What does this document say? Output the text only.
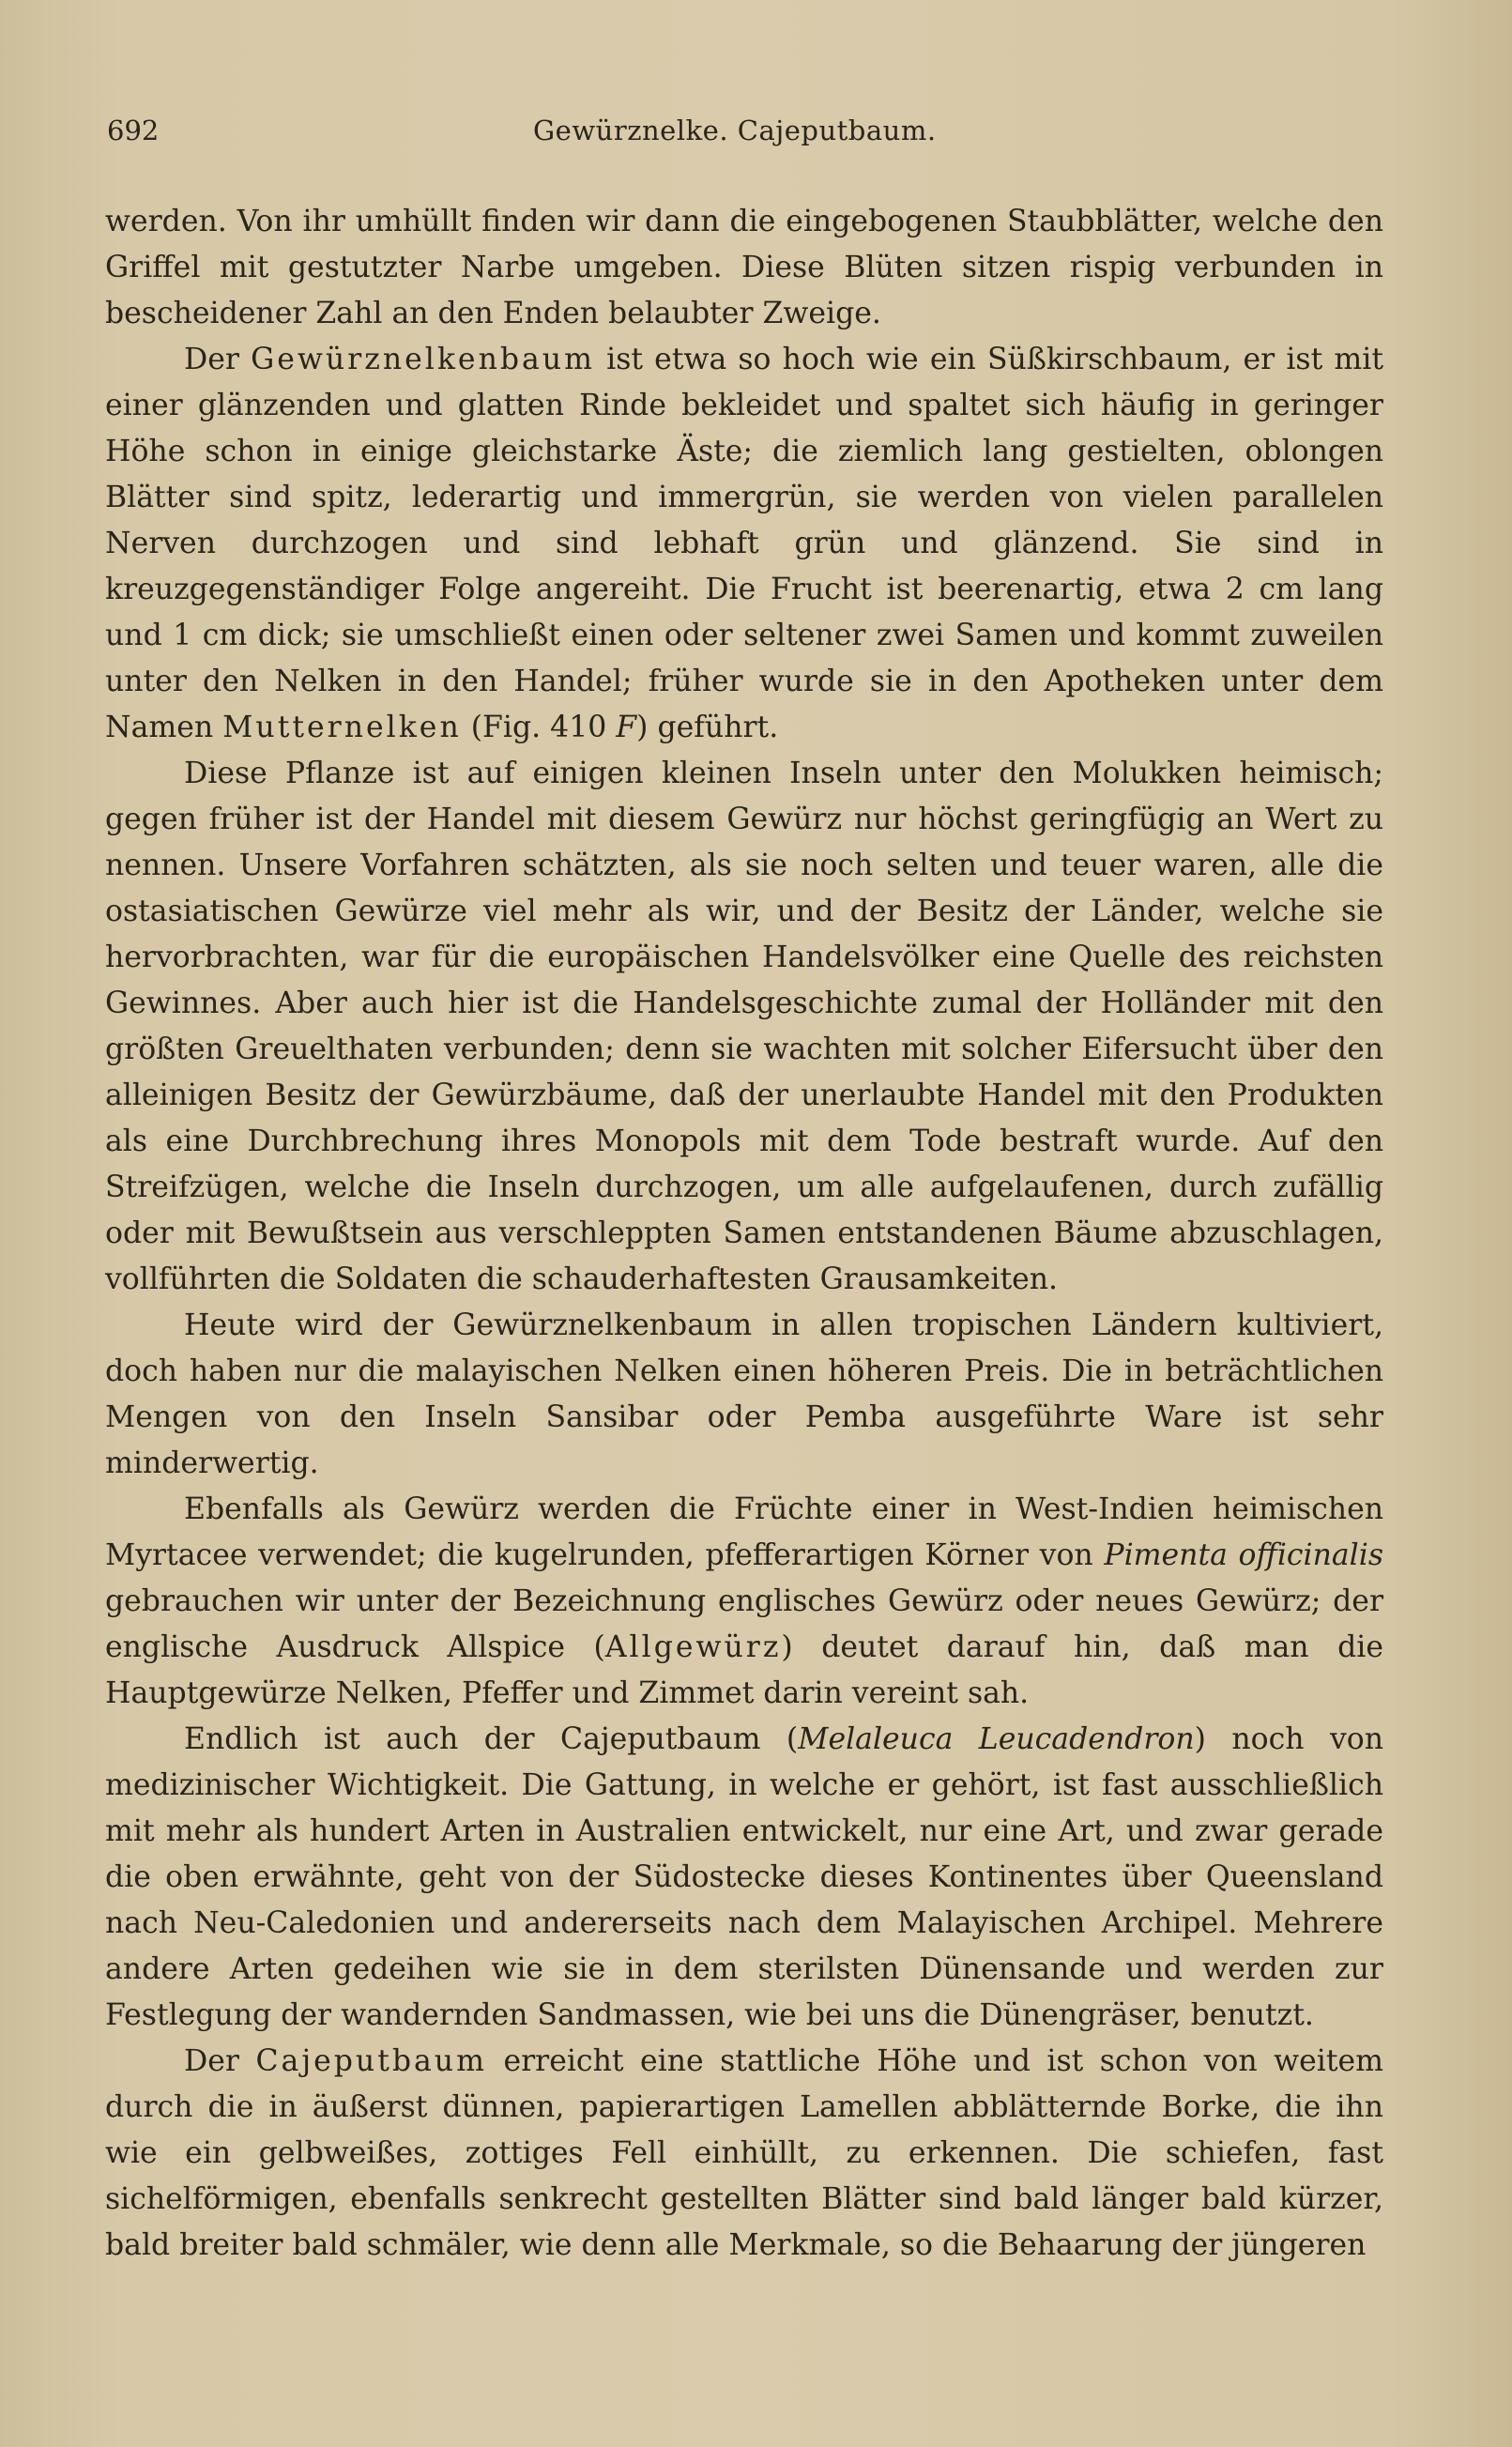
692	Gewürznelke. Cajeputbaum.

werden. Von ihr umhüllt finden wir dann die eingebogenen Staubblätter, welche den Griffel mit gestutzter Narbe umgeben. Diese Blüten sitzen rispig verbunden in bescheidener Zahl an den Enden belaubter Zweige.

Der Gewürznelkenbaum ist etwa so hoch wie ein Süßkirschbaum, er ist mit einer glänzenden und glatten Rinde bekleidet und spaltet sich häufig in geringer Höhe schon in einige gleichstarke Äste; die ziemlich lang gestielten, oblongen Blätter sind spitz, lederartig und immergrün, sie werden von vielen parallelen Nerven durchzogen und sind lebhaft grün und glänzend. Sie sind in kreuzgegenständiger Folge angereiht. Die Frucht ist beerenartig, etwa 2 cm lang und 1 cm dick; sie umschließt einen oder seltener zwei Samen und kommt zuweilen unter den Nelken in den Handel; früher wurde sie in den Apotheken unter dem Namen Mutternelken (Fig. 410 F) geführt.

Diese Pflanze ist auf einigen kleinen Inseln unter den Molukken heimisch; gegen früher ist der Handel mit diesem Gewürz nur höchst geringfügig an Wert zu nennen. Unsere Vorfahren schätzten, als sie noch selten und teuer waren, alle die ostasiatischen Gewürze viel mehr als wir, und der Besitz der Länder, welche sie hervorbrachten, war für die europäischen Handelsvölker eine Quelle des reichsten Gewinnes. Aber auch hier ist die Handelsgeschichte zumal der Holländer mit den größten Greuelthaten verbunden; denn sie wachten mit solcher Eifersucht über den alleinigen Besitz der Gewürzbäume, daß der unerlaubte Handel mit den Produkten als eine Durchbrechung ihres Monopols mit dem Tode bestraft wurde. Auf den Streifzügen, welche die Inseln durchzogen, um alle aufgelaufenen, durch zufällig oder mit Bewußtsein aus verschleppten Samen entstandenen Bäume abzuschlagen, vollführten die Soldaten die schauderhaftesten Grausamkeiten.

Heute wird der Gewürznelkenbaum in allen tropischen Ländern kultiviert, doch haben nur die malayischen Nelken einen höheren Preis. Die in beträchtlichen Mengen von den Inseln Sansibar oder Pemba ausgeführte Ware ist sehr minderwertig.

Ebenfalls als Gewürz werden die Früchte einer in West-Indien heimischen Myrtacee verwendet; die kugelrunden, pfefferartigen Körner von Pimenta officinalis gebrauchen wir unter der Bezeichnung englisches Gewürz oder neues Gewürz; der englische Ausdruck Allspice (Allgewürz) deutet darauf hin, daß man die Hauptgewürze Nelken, Pfeffer und Zimmet darin vereint sah.

Endlich ist auch der Cajeputbaum (Melaleuca Leucadendron) noch von medizinischer Wichtigkeit. Die Gattung, in welche er gehört, ist fast ausschließlich mit mehr als hundert Arten in Australien entwickelt, nur eine Art, und zwar gerade die oben erwähnte, geht von der Südostecke dieses Kontinentes über Queensland nach Neu-Caledonien und andererseits nach dem Malayischen Archipel. Mehrere andere Arten gedeihen wie sie in dem sterilsten Dünensande und werden zur Festlegung der wandernden Sandmassen, wie bei uns die Dünengräser, benutzt.

Der Cajeputbaum erreicht eine stattliche Höhe und ist schon von weitem durch die in äußerst dünnen, papierartigen Lamellen abblätternde Borke, die ihn wie ein gelbweißes, zottiges Fell einhüllt, zu erkennen. Die schiefen, fast sichelförmigen, ebenfalls senkrecht gestellten Blätter sind bald länger bald kürzer, bald breiter bald schmäler, wie denn alle Merkmale, so die Behaarung der jüngeren
